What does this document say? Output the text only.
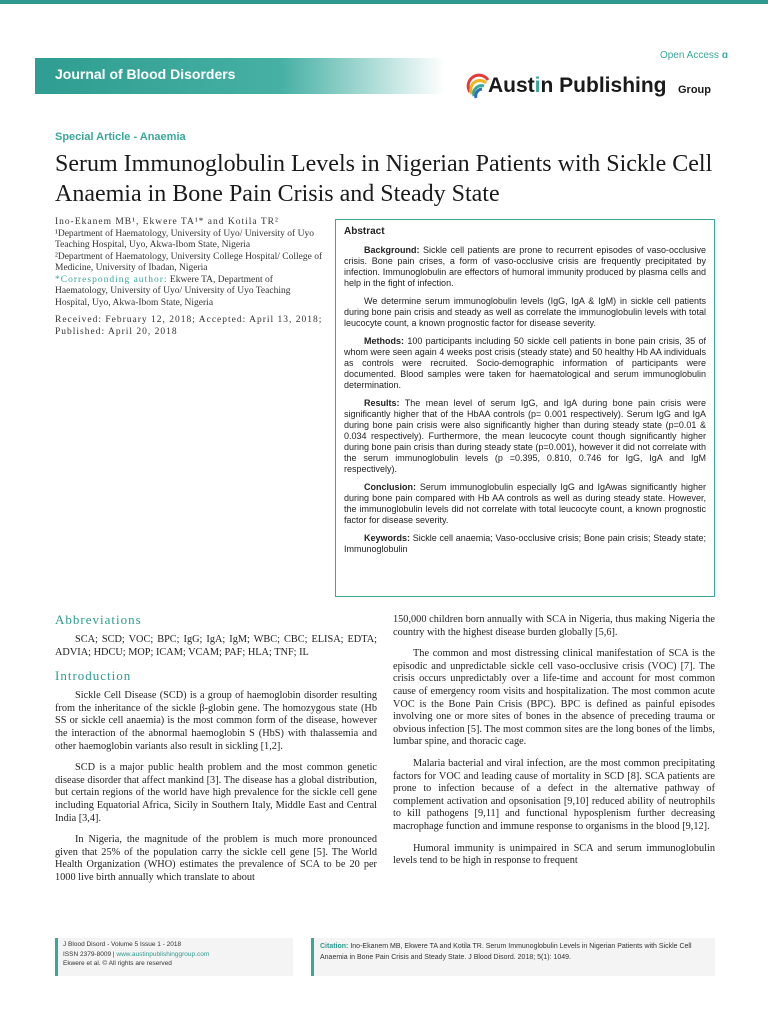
Open Access ɑ
Journal of Blood Disorders	Austin Publishing Group
Special Article - Anaemia
Serum Immunoglobulin Levels in Nigerian Patients with Sickle Cell Anaemia in Bone Pain Crisis and Steady State

Ino-Ekanem MB¹, Ekwere TA¹* and Kotila TR²

¹Department of Haematology, University of Uyo/ University of Uyo Teaching Hospital, Uyo, Akwa-Ibom State, Nigeria

²Department of Haematology, University College Hospital/ College of Medicine, University of Ibadan, Nigeria

*Corresponding author: Ekwere TA, Department of Haematology, University of Uyo/ University of Uyo Teaching Hospital, Uyo, Akwa-Ibom State, Nigeria

Received: February 12, 2018; Accepted: April 13, 2018; Published: April 20, 2018

Abstract

Background: Sickle cell patients are prone to recurrent episodes of vaso-occlusive crisis. Bone pain crises, a form of vaso-occlusive crisis are frequently precipitated by infection. Immunoglobulin are effectors of humoral immunity produced by plasma cells and help in the fight of infection.

We determine serum immunoglobulin levels (IgG, IgA & IgM) in sickle cell patients during bone pain crisis and steady as well as correlate the immunoglobulin levels with total leucocyte count, a known prognostic factor for disease severity.

Methods: 100 participants including 50 sickle cell patients in bone pain crisis, 35 of whom were seen again 4 weeks post crisis (steady state) and 50 healthy Hb AA individuals as controls were recruited. Socio-demographic information of participants were documented. Blood samples were taken for haematological and serum immunoglobulin determination.

Results: The mean level of serum IgG, and IgA during bone pain crisis were significantly higher that of the HbAA controls (p= 0.001 respectively). Serum IgG and IgA during bone pain crisis were also significantly higher than during steady state (p=0.01 & 0.034 respectively). Furthermore, the mean leucocyte count though significantly higher during bone pain crisis than during steady state (p=0.001), however it did not correlate with the serum immunoglobulin levels (p =0.395, 0.810, 0.746 for IgG, IgA and IgM respectively).

Conclusion: Serum immunoglobulin especially IgG and IgAwas significantly higher during bone pain compared with Hb AA controls as well as during steady state. However, the immunoglobulin levels did not correlate with total leucocyte count, a known prognostic factor for disease severity.

Keywords: Sickle cell anaemia; Vaso-occlusive crisis; Bone pain crisis; Steady state; Immunoglobulin

Abbreviations

SCA; SCD; VOC; BPC; IgG; IgA; IgM; WBC; CBC; ELISA; EDTA; ADVIA; HDCU; MOP; ICAM; VCAM; PAF; HLA; TNF; IL

Introduction

Sickle Cell Disease (SCD) is a group of haemoglobin disorder resulting from the inheritance of the sickle β-globin gene. The homozygous state (Hb SS or sickle cell anaemia) is the most common form of the disease, however the interaction of the abnormal haemoglobin S (HbS) with thalassemia and other haemoglobin variants also result in sickling [1,2].

SCD is a major public health problem and the most common genetic disease disorder that affect mankind [3]. The disease has a global distribution, but certain regions of the world have high prevalence for the sickle cell gene including Equatorial Africa, Sicily in Southern Italy, Middle East and Central India [3,4].

In Nigeria, the magnitude of the problem is much more pronounced given that 25% of the population carry the sickle cell gene [5]. The World Health Organization (WHO) estimates the prevalence of SCA to be 20 per 1000 live birth annually which translate to about

150,000 children born annually with SCA in Nigeria, thus making Nigeria the country with the highest disease burden globally [5,6].

The common and most distressing clinical manifestation of SCA is the episodic and unpredictable sickle cell vaso-occlusive crisis (VOC) [7]. The crisis occurs unpredictably over a life-time and account for most common cause of emergency room visits and hospitalization. The most common acute VOC is the Bone Pain Crisis (BPC). BPC is defined as painful episodes involving one or more sites of bones in the absence of preceding trauma or obvious infection [5]. The most common sites are the long bones of the limbs, lumbar spine, and thoracic cage.

Malaria bacterial and viral infection, are the most common precipitating factors for VOC and leading cause of mortality in SCD [8]. SCA patients are prone to infection because of a defect in the alternative pathway of complement activation and opsonisation [9,10] reduced ability of neutrophils to kill pathogens [9,11] and functional hyposplenism further decreasing macrophage function and immune response to organisms in the blood [9,12].

Humoral immunity is unimpaired in SCA and serum immunoglobulin levels tend to be high in response to frequent

J Blood Disord - Volume 5 Issue 1 - 2018
ISSN 2379-8009 | www.austinpublishinggroup.com
Ekwere et al. © All rights are reserved
Citation: Ino-Ekanem MB, Ekwere TA and Kotila TR. Serum Immunoglobulin Levels in Nigerian Patients with Sickle Cell Anaemia in Bone Pain Crisis and Steady State. J Blood Disord. 2018; 5(1): 1049.
